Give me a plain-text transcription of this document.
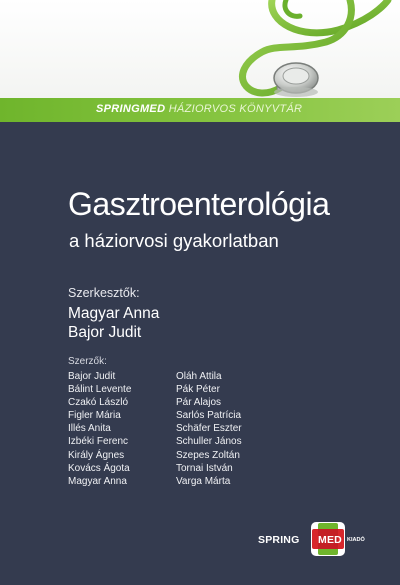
SPRINGMED HÁZIORVOS KÖNYVTÁR
Gasztroenterológia
a háziorvosi gyakorlatban
Szerkesztők:
Magyar Anna
Bajor Judit
Szerzők:
Bajor Judit
Bálint Levente
Czakó László
Figler Mária
Illés Anita
Izbéki Ferenc
Király Ágnes
Kovács Ágota
Magyar Anna
Oláh Attila
Pák Péter
Pár Alajos
Sarlós Patrícia
Schäfer Eszter
Schuller János
Szepes Zoltán
Tornai István
Varga Márta
SPRING MED KIADÓ
